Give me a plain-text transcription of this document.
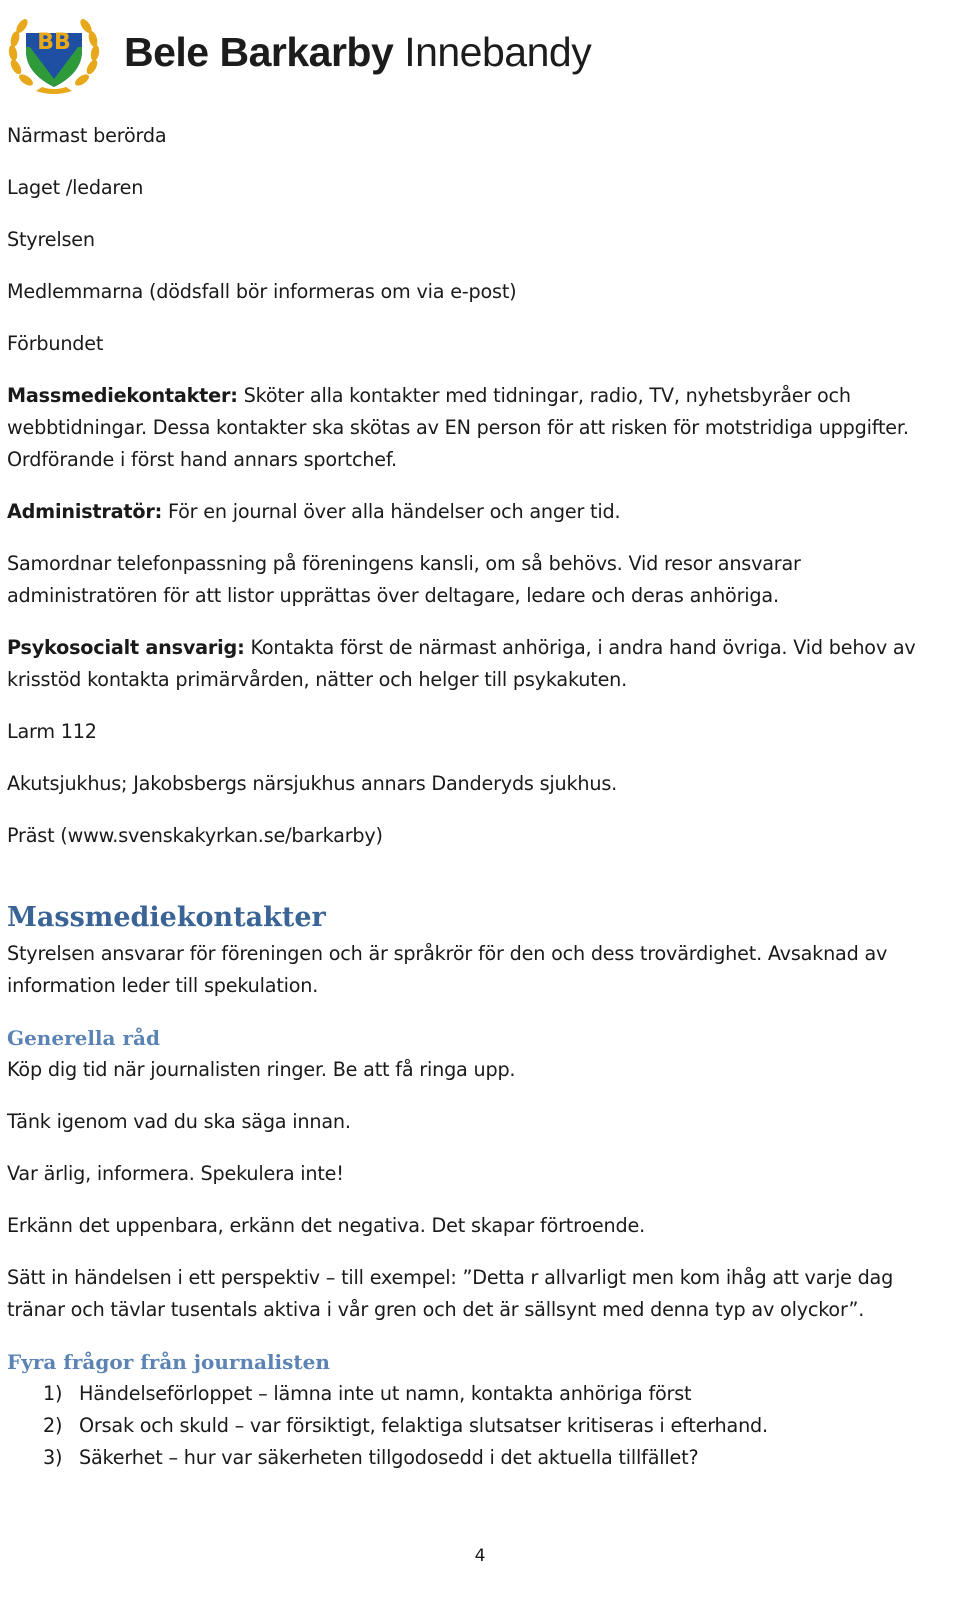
BB Bele Barkarby Innebandy

Närmast berörda

Laget /ledaren

Styrelsen

Medlemmarna (dödsfall bör informeras om via e-post)

Förbundet

Massmediekontakter: Sköter alla kontakter med tidningar, radio, TV, nyhetsbyråer och webbtidningar. Dessa kontakter ska skötas av EN person för att risken för motstridiga uppgifter. Ordförande i först hand annars sportchef.

Administratör: För en journal över alla händelser och anger tid.

Samordnar telefonpassning på föreningens kansli, om så behövs. Vid resor ansvarar administratören för att listor upprättas över deltagare, ledare och deras anhöriga.

Psykosocialt ansvarig: Kontakta först de närmast anhöriga, i andra hand övriga. Vid behov av krisstöd kontakta primärvården, nätter och helger till psykakuten.

Larm 112

Akutsjukhus; Jakobsbergs närsjukhus annars Danderyds sjukhus.

Präst (www.svenskakyrkan.se/barkarby)

Massmediekontakter

Styrelsen ansvarar för föreningen och är språkrör för den och dess trovärdighet. Avsaknad av information leder till spekulation.

Generella råd

Köp dig tid när journalisten ringer. Be att få ringa upp.

Tänk igenom vad du ska säga innan.

Var ärlig, informera. Spekulera inte!

Erkänn det uppenbara, erkänn det negativa. Det skapar förtroende.

Sätt in händelsen i ett perspektiv – till exempel: ”Detta r allvarligt men kom ihåg att varje dag tränar och tävlar tusentals aktiva i vår gren och det är sällsynt med denna typ av olyckor”.

Fyra frågor från journalisten
1) Händelseförloppet – lämna inte ut namn, kontakta anhöriga först
2) Orsak och skuld – var försiktigt, felaktiga slutsatser kritiseras i efterhand.
3) Säkerhet – hur var säkerheten tillgodosedd i det aktuella tillfället?
4
